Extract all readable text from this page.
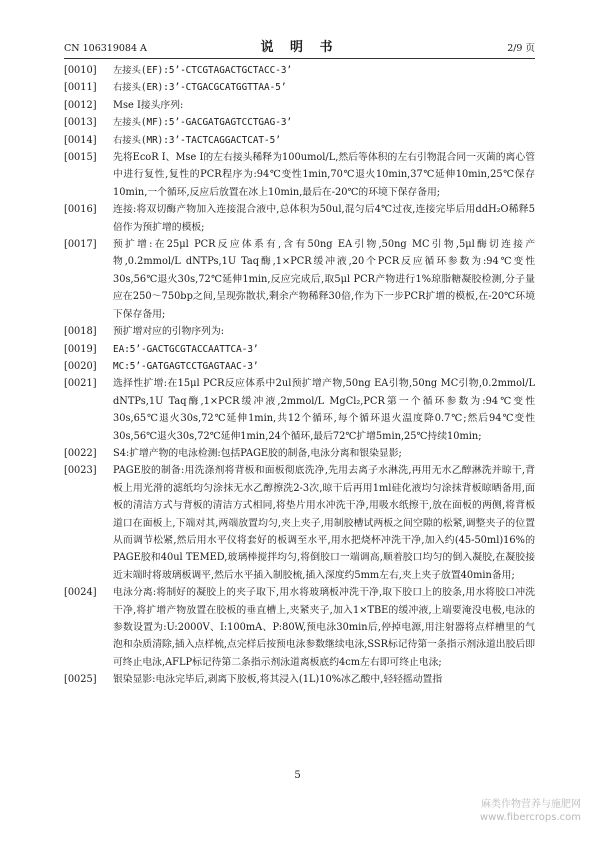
CN 106319084 A	说 明 书	2/9 页
[0010]	左接头(EF):5’-CTCGTAGACTGCTACC-3’
[0011]	右接头(ER):3’-CTGACGCATGGTTAA-5’
[0012]	Mse Ⅰ接头序列:
[0013]	左接头(MF):5’-GACGATGAGTCCTGAG-3’
[0014]	右接头(MR):3’-TACTCAGGACTCAT-5’
[0015]	先将EcoR Ⅰ、Mse Ⅰ的左右接头稀释为100umol/L,然后等体积的左右引物混合同一灭菌的离心管中进行复性,复性的PCR程序为:94℃变性1min,70℃退火10min,37℃延伸10min,25℃保存10min,一个循环,反应后放置在冰上10min,最后在-20℃的环境下保存备用;
[0016]	连接:将双切酶产物加入连接混合液中,总体积为50ul,混匀后4℃过夜,连接完毕后用ddH₂O稀释5倍作为预扩增的模板;
[0017]	预扩增:在25μl PCR反应体系有,含有50ng EA引物,50ng MC引物,5μl酶切连接产物,0.2mmol/L dNTPs,1U Taq酶,1×PCR缓冲液,20个PCR反应循环参数为:94℃变性30s,56℃退火30s,72℃延伸1min,反应完成后,取5μl PCR产物进行1%琼脂糖凝胶检测,分子量应在250～750bp之间,呈现弥散状,剩余产物稀释30倍,作为下一步PCR扩增的模板,在-20℃环境下保存备用;
[0018]	预扩增对应的引物序列为:
[0019]	EA:5’-GACTGCGTACCAATTCA-3’
[0020]	MC:5’-GATGAGTCCTGAGTAAC-3’
[0021]	选择性扩增:在15μl PCR反应体系中2ul预扩增产物,50ng EA引物,50ng MC引物,0.2mmol/L dNTPs,1U Taq酶,1×PCR缓冲液,2mmol/L MgCl₂,PCR第一个循环参数为:94℃变性30s,65℃退火30s,72℃延伸1min,共12个循环,每个循环退火温度降0.7℃;然后94℃变性30s,56℃退火30s,72℃延伸1min,24个循环,最后72℃扩增5min,25℃持续10min;
[0022]	S4:扩增产物的电泳检测:包括PAGE胶的制备,电泳分离和银染显影;
[0023]	PAGE胶的制备:用洗涤剂将背板和面板彻底洗净,先用去离子水淋洗,再用无水乙醇淋洗并晾干,背板上用光滑的滤纸均匀涂抹无水乙醇擦洗2-3次,晾干后再用1ml硅化液均匀涂抹背板晾晒备用,面板的清洁方式与背板的清洁方式相同,将垫片用水冲洗干净,用吸水纸擦干,放在面板的两侧,将背板道口在面板上,下端对其,两端放置均匀,夹上夹子,用制胶槽试两板之间空隙的松紧,调整夹子的位置从而调节松紧,然后用水平仪将套好的板调至水平,用水把烧杯冲洗干净,加入约(45-50ml)16%的PAGE胶和40ul TEMED,玻璃棒搅拌均匀,将倒胶口一端调高,顺着胶口均匀的倒入凝胶,在凝胶接近末端时将玻璃板调平,然后水平插入制胶梳,插入深度约5mm左右,夹上夹子放置40min备用;
[0024]	电泳分离:将制好的凝胶上的夹子取下,用水将玻璃板冲洗干净,取下胶口上的胶条,用水将胶口冲洗干净,将扩增产物放置在胶板的垂直槽上,夹紧夹子,加入1×TBE的缓冲液,上端要淹没电极,电泳的参数设置为:U:2000V、I:100mA、P:80W,预电泳30min后,停掉电源,用注射器将点样槽里的气泡和杂质清除,插入点样梳,点完样后按预电泳参数继续电泳,SSR标记待第一条指示剂泳道出胶后即可终止电泳,AFLP标记待第二条指示剂泳道离板底约4cm左右即可终止电泳;
[0025]	银染显影:电泳完毕后,剥离下胶板,将其浸入(1L)10%冰乙酸中,轻轻摇动置指
5
麻类作物营养与施肥网
www.fibercrops.com
